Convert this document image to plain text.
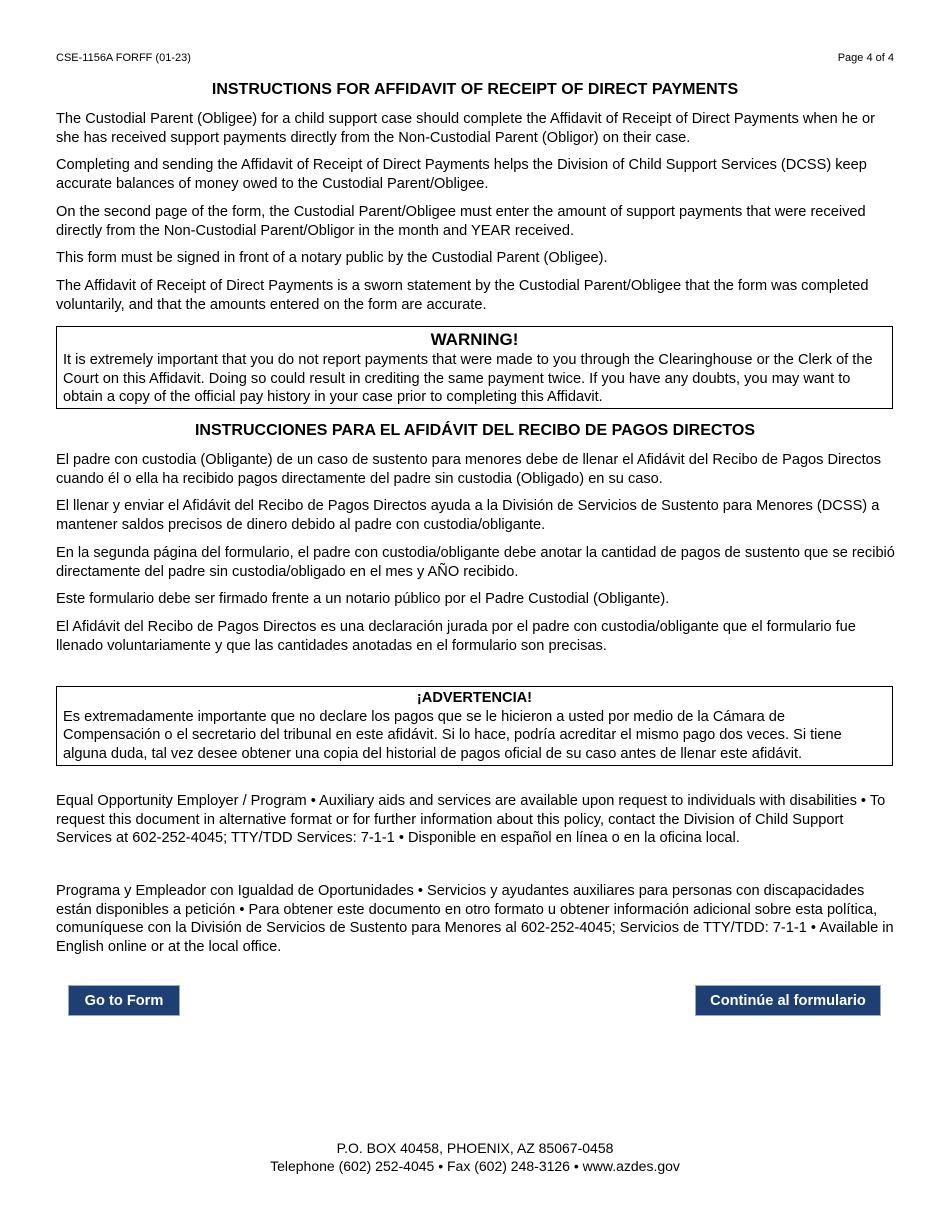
CSE-1156A FORFF (01-23)	Page 4 of 4
INSTRUCTIONS FOR AFFIDAVIT OF RECEIPT OF DIRECT PAYMENTS

The Custodial Parent (Obligee) for a child support case should complete the Affidavit of Receipt of Direct Payments when he or she has received support payments directly from the Non-Custodial Parent (Obligor) on their case.

Completing and sending the Affidavit of Receipt of Direct Payments helps the Division of Child Support Services (DCSS) keep accurate balances of money owed to the Custodial Parent/Obligee.

On the second page of the form, the Custodial Parent/Obligee must enter the amount of support payments that were received directly from the Non-Custodial Parent/Obligor in the month and YEAR received.

This form must be signed in front of a notary public by the Custodial Parent (Obligee).

The Affidavit of Receipt of Direct Payments is a sworn statement by the Custodial Parent/Obligee that the form was completed voluntarily, and that the amounts entered on the form are accurate.

WARNING!
It is extremely important that you do not report payments that were made to you through the Clearinghouse or the Clerk of the Court on this Affidavit. Doing so could result in crediting the same payment twice. If you have any doubts, you may want to obtain a copy of the official pay history in your case prior to completing this Affidavit.
INSTRUCCIONES PARA EL AFIDÁVIT DEL RECIBO DE PAGOS DIRECTOS

El padre con custodia (Obligante) de un caso de sustento para menores debe de llenar el Afidávit del Recibo de Pagos Directos cuando él o ella ha recibido pagos directamente del padre sin custodia (Obligado) en su caso.

El llenar y enviar el Afidávit del Recibo de Pagos Directos ayuda a la División de Servicios de Sustento para Menores (DCSS) a mantener saldos precisos de dinero debido al padre con custodia/obligante.

En la segunda página del formulario, el padre con custodia/obligante debe anotar la cantidad de pagos de sustento que se recibió directamente del padre sin custodia/obligado en el mes y AÑO recibido.

Este formulario debe ser firmado frente a un notario público por el Padre Custodial (Obligante).

El Afidávit del Recibo de Pagos Directos es una declaración jurada por el padre con custodia/obligante que el formulario fue llenado voluntariamente y que las cantidades anotadas en el formulario son precisas.

¡ADVERTENCIA!
Es extremadamente importante que no declare los pagos que se le hicieron a usted por medio de la Cámara de Compensación o el secretario del tribunal en este afidávit. Si lo hace, podría acreditar el mismo pago dos veces. Si tiene alguna duda, tal vez desee obtener una copia del historial de pagos oficial de su caso antes de llenar este afidávit.

Equal Opportunity Employer / Program • Auxiliary aids and services are available upon request to individuals with disabilities • To request this document in alternative format or for further information about this policy, contact the Division of Child Support Services at 602-252-4045; TTY/TDD Services: 7-1-1 • Disponible en español en línea o en la oficina local.

Programa y Empleador con Igualdad de Oportunidades • Servicios y ayudantes auxiliares para personas con discapacidades están disponibles a petición • Para obtener este documento en otro formato u obtener información adicional sobre esta política, comuníquese con la División de Servicios de Sustento para Menores al 602-252-4045; Servicios de TTY/TDD: 7-1-1 • Available in English online or at the local office.

Go to Form	Continúe al formulario
P.O. BOX 40458, PHOENIX, AZ 85067-0458
Telephone (602) 252-4045 • Fax (602) 248-3126 • www.azdes.gov
